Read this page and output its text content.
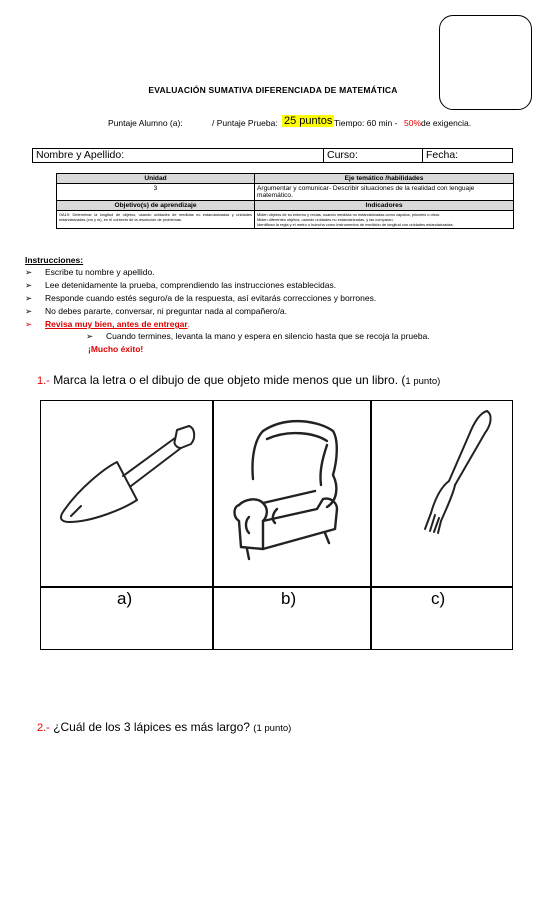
EVALUACIÓN SUMATIVA DIFERENCIADA DE MATEMÁTICA
Puntaje Alumno (a):	/ Puntaje Prueba: 25 puntos Tiempo: 60 min - 50% de exigencia.
Nombre y Apellido:	Curso:	Fecha:
Unidad	Eje temático /habilidades
3	Argumentar y comunicar- Describir situaciones de la realidad con lenguaje matemático.
Objetivo(s) de aprendizaje	Indicadores
OA19: Determinar la longitud de objetos, usando unidades de medidas no estandarizadas y unidades estandarizadas (cm y m), en el contexto de la resolución de problemas.	Miden objetos de su entorno y rectas, usando medidas no estandarizadas como zapatos, pinceles u otros.
Miden diferentes objetos, usando unidades no estandarizadas, y las comparan.
Identifican la regla y el metro o huincha como instrumentos de medición de longitud con unidades estandarizadas.
Instrucciones:
➢ Escribe tu nombre y apellido.
➢ Lee detenidamente la prueba, comprendiendo las instrucciones establecidas.
➢ Responde cuando estés seguro/a de la respuesta, así evitarás correcciones y borrones.
➢ No debes pararte, conversar, ni preguntar nada al compañero/a.
➢ Revisa muy bien, antes de entregar.
➢ Cuando termines, levanta la mano y espera en silencio hasta que se recoja la prueba.
¡Mucho éxito!
1.- Marca la letra o el dibujo de que objeto mide menos que un libro. (1 punto)
a)	b)	c)
2.- ¿Cuál de los 3 lápices es más largo? (1 punto)
